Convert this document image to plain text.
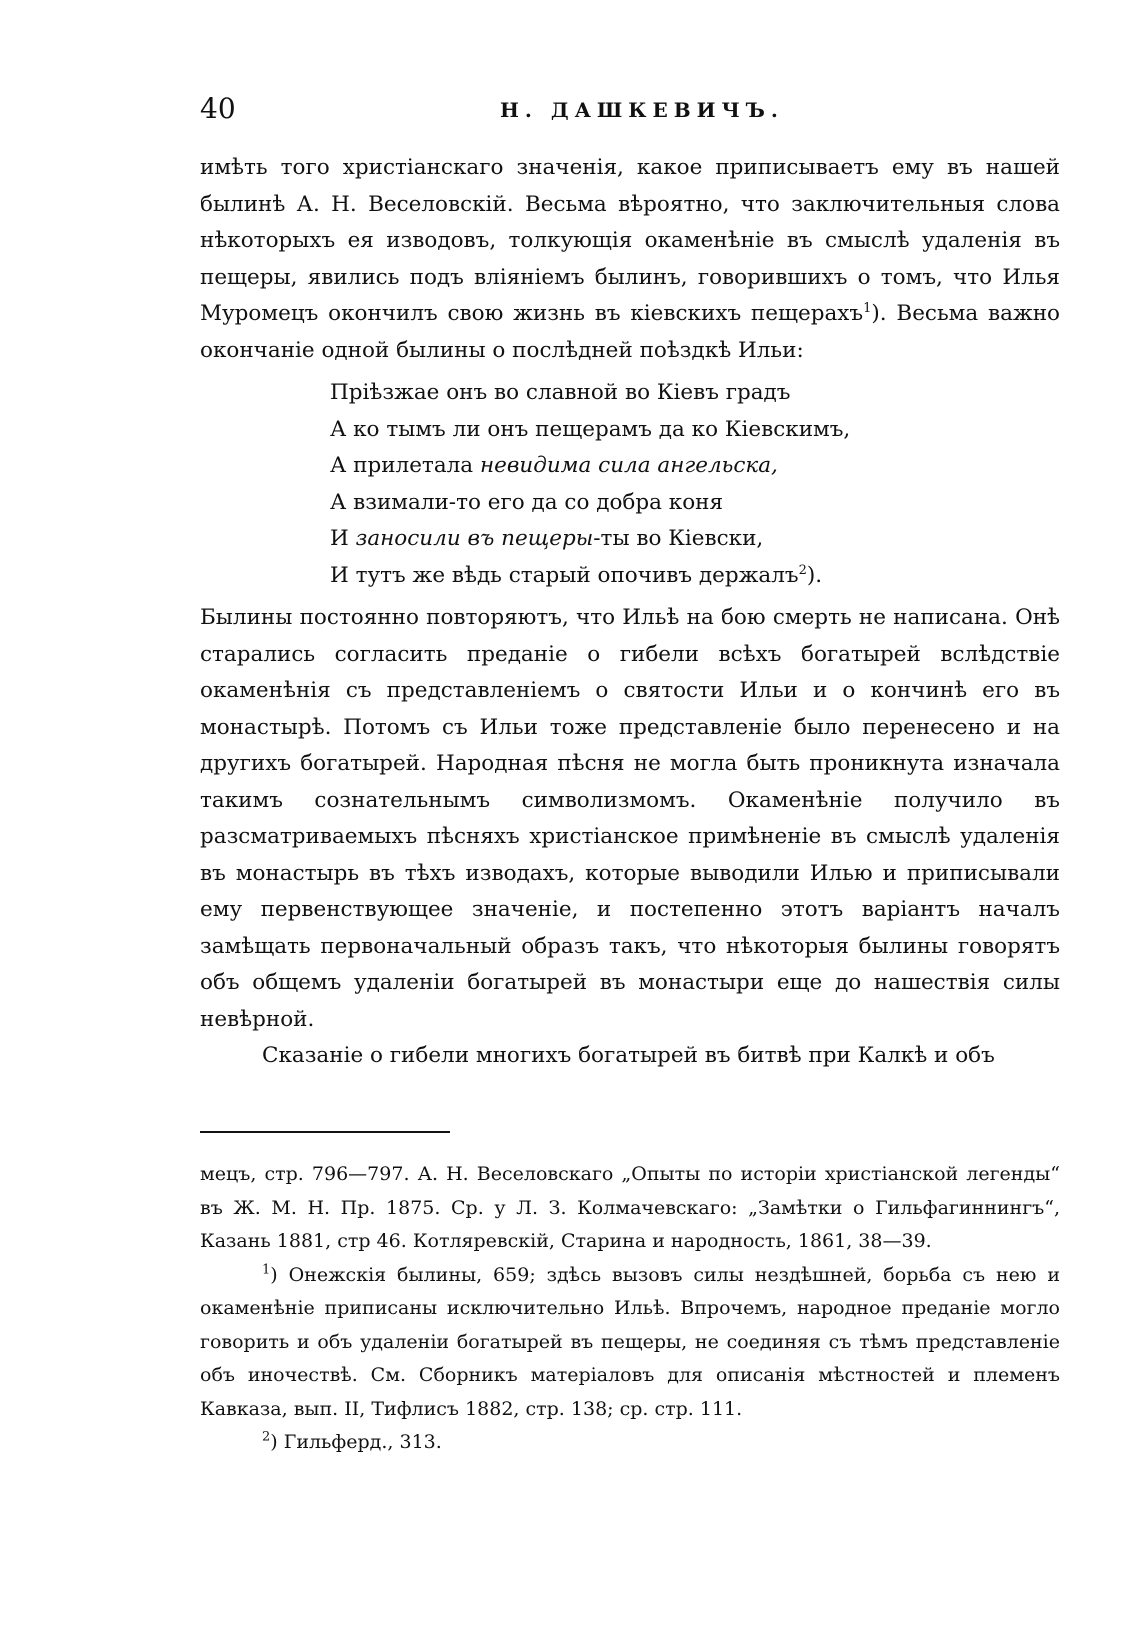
40	Н. ДАШКЕВИЧЪ.

имѣть того христіанскаго значенія, какое приписываетъ ему въ нашей былинѣ А. Н. Веселовскій. Весьма вѣроятно, что заключительныя слова нѣкоторыхъ ея изводовъ, толкующія окаменѣніе въ смыслѣ удаленія въ пещеры, явились подъ вліяніемъ былинъ, говорившихъ о томъ, что Илья Муромецъ окончилъ свою жизнь въ кіевскихъ пещерахъ$^1$). Весьма важно окончаніе одной былины о послѣдней поѣздкѣ Ильи:

Пріѣзжае онъ во славной во Кіевъ градъ
А ко тымъ ли онъ пещерамъ да ко Кіевскимъ,
А прилетала невидима сила ангельска,
А взимали-то его да со добра коня
И заносили въ пещеры-ты во Кіевски,
И тутъ же вѣдь старый опочивъ держалъ$^2$).

Былины постоянно повторяютъ, что Ильѣ на бою смерть не написана. Онѣ старались согласить преданіе о гибели всѣхъ богатырей вслѣдствіе окаменѣнія съ представленіемъ о святости Ильи и о кончинѣ его въ монастырѣ. Потомъ съ Ильи тоже представленіе было перенесено и на другихъ богатырей. Народная пѣсня не могла быть проникнута изначала такимъ сознательнымъ символизмомъ. Окаменѣніе получило въ разсматриваемыхъ пѣсняхъ христіанское примѣненіе въ смыслѣ удаленія въ монастырь въ тѣхъ изводахъ, которые выводили Илью и приписывали ему первенствующее значеніе, и постепенно этотъ варіантъ началъ замѣщать первоначальный образъ такъ, что нѣкоторыя былины говорятъ объ общемъ удаленіи богатырей въ монастыри еще до нашествія силы невѣрной.

Сказаніе о гибели многихъ богатырей въ битвѣ при Калкѣ и объ

мецъ, стр. 796—797. А. Н. Веселовскаго „Опыты по исторіи христіанской легенды“ въ Ж. М. Н. Пр. 1875. Ср. у Л. З. Колмачевскаго: „Замѣтки о Гильфагиннингъ“, Казань 1881, стр 46. Котляревскій, Старина и народность, 1861, 38—39.

$^1$) Онежскія былины, 659; здѣсь вызовъ силы нездѣшней, борьба съ нею и окаменѣніе приписаны исключительно Ильѣ. Впрочемъ, народное преданіе могло говорить и объ удаленіи богатырей въ пещеры, не соединяя съ тѣмъ представленіе объ иночествѣ. См. Сборникъ матеріаловъ для описанія мѣстностей и племенъ Кавказа, вып. II, Тифлисъ 1882, стр. 138; ср. стр. 111.

$^2$) Гильферд., 313.
